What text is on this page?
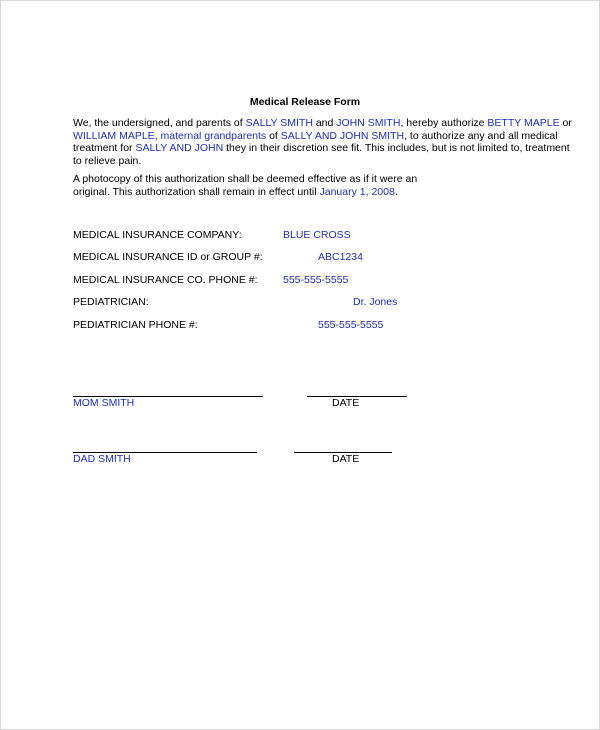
Medical Release Form
We, the undersigned, and parents of SALLY SMITH and JOHN SMITH, hereby authorize BETTY MAPLE or
WILLIAM MAPLE, maternal grandparents of SALLY AND JOHN SMITH, to authorize any and all medical
treatment for SALLY AND JOHN they in their discretion see fit. This includes, but is not limited to, treatment
to relieve pain.
A photocopy of this authorization shall be deemed effective as if it were an
original. This authorization shall remain in effect until January 1, 2008.
MEDICAL INSURANCE COMPANY:	BLUE CROSS
MEDICAL INSURANCE ID or GROUP #:	ABC1234
MEDICAL INSURANCE CO. PHONE #: 555-555-5555
PEDIATRICIAN:	Dr. Jones
PEDIATRICIAN PHONE #:	555-555-5555
MOM SMITH	DATE
DAD SMITH	DATE
